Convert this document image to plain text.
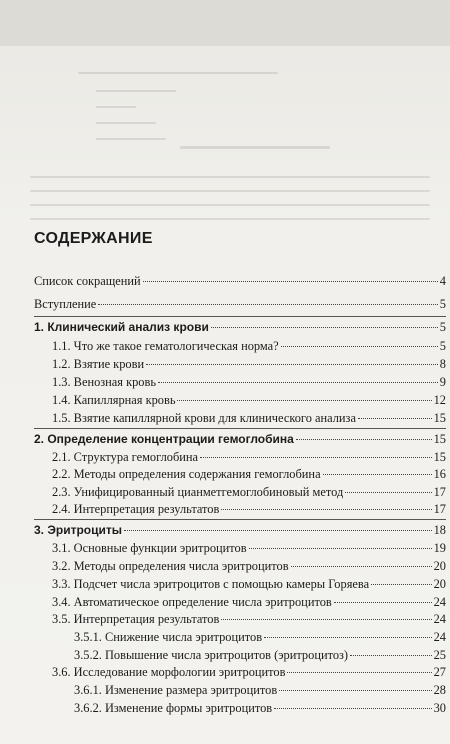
СОДЕРЖАНИЕ
Список сокращений	4
Вступление	5
1. Клинический анализ крови	5
1.1. Что же такое гематологическая норма?	5
1.2. Взятие крови	8
1.3. Венозная кровь	9
1.4. Капиллярная кровь	12
1.5. Взятие капиллярной крови для клинического анализа	15
2. Определение концентрации гемоглобина	15
2.1. Структура гемоглобина	15
2.2. Методы определения содержания гемоглобина	16
2.3. Унифицированный цианметгемоглобиновый метод	17
2.4. Интерпретация результатов	17
3. Эритроциты	18
3.1. Основные функции эритроцитов	19
3.2. Методы определения числа эритроцитов	20
3.3. Подсчет числа эритроцитов с помощью камеры Горяева	20
3.4. Автоматическое определение числа эритроцитов	24
3.5. Интерпретация результатов	24
3.5.1. Снижение числа эритроцитов	24
3.5.2. Повышение числа эритроцитов (эритроцитоз)	25
3.6. Исследование морфологии эритроцитов	27
3.6.1. Изменение размера эритроцитов	28
3.6.2. Изменение формы эритроцитов	30
